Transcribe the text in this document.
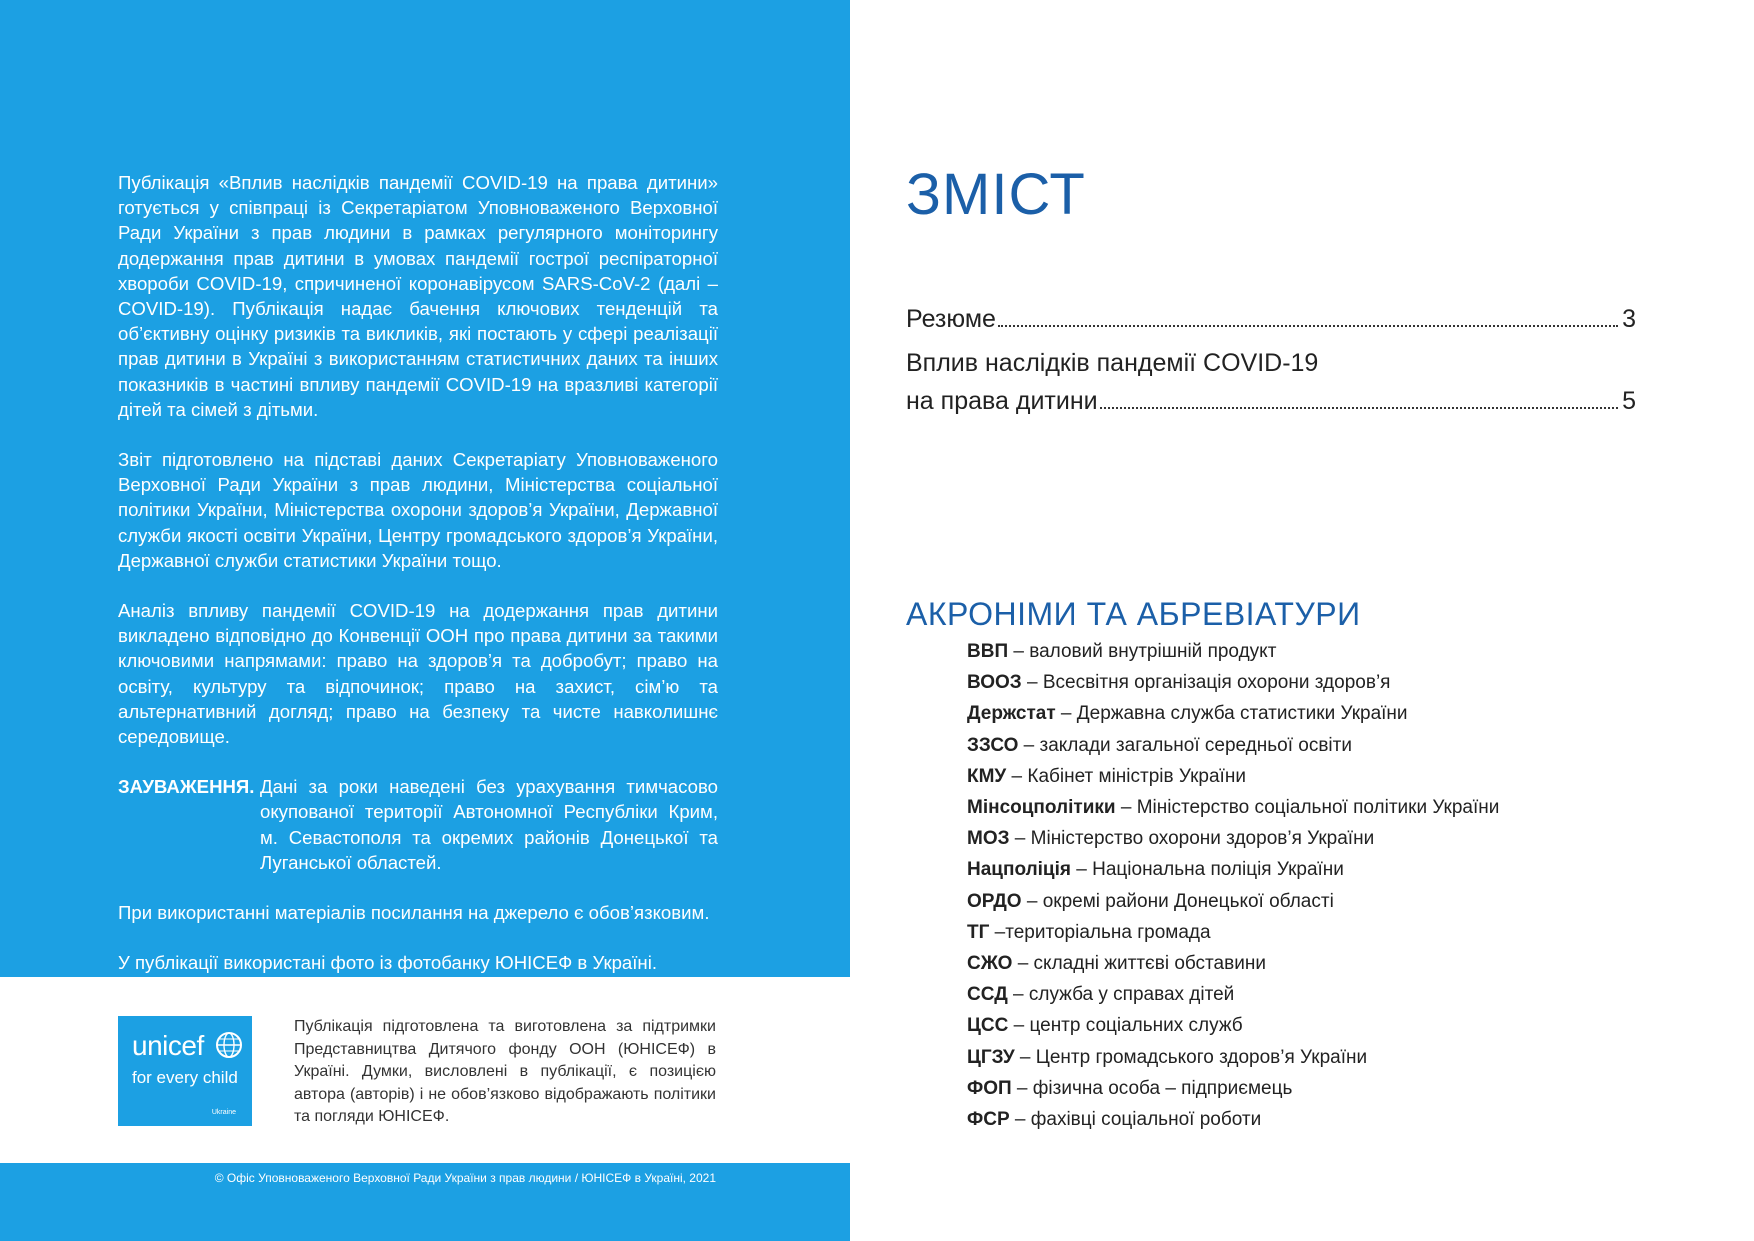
Публікація «Вплив наслідків пандемії COVID-19 на права дитини» готується у співпраці із Секретаріатом Уповноваженого Верховної Ради України з прав людини в рамках регулярного моніторингу додержання прав дитини в умовах пандемії гострої респіраторної хвороби COVID-19, спричиненої коронавірусом SARS-CoV-2 (далі – COVID-19). Публікація надає бачення ключових тенденцій та об’єктивну оцінку ризиків та викликів, які постають у сфері реалізації прав дитини в Україні з використанням статистичних даних та інших показників в частині впливу пандемії COVID-19 на вразливі категорії дітей та сімей з дітьми.

Звіт підготовлено на підставі даних Секретаріату Уповноваженого Верховної Ради України з прав людини, Міністерства соціальної політики України, Міністерства охорони здоров’я України, Державної служби якості освіти України, Центру громадського здоров’я України, Державної служби статистики України тощо.

Аналіз впливу пандемії COVID-19 на додержання прав дитини викладено відповідно до Конвенції ООН про права дитини за такими ключовими напрямами: право на здоров’я та добробут; право на освіту, культуру та відпочинок; право на захист, сім’ю та альтернативний догляд; право на безпеку та чисте навколишнє середовище.

ЗАУВАЖЕННЯ. Дані за роки наведені без урахування тимчасово окупованої території Автономної Республіки Крим, м. Севастополя та окремих районів Донецької та Луганської областей.

При використанні матеріалів посилання на джерело є обов’язковим.

У публікації використані фото із фотобанку ЮНІСЕФ в Україні.

unicef
for every child
Ukraine
Публікація підготовлена та виготовлена за підтримки Представництва Дитячого фонду ООН (ЮНІСЕФ) в Україні. Думки, висловлені в публікації, є позицією автора (авторів) і не обов’язково відображають політики та погляди ЮНІСЕФ.
© Офіс Уповноваженого Верховної Ради України з прав людини / ЮНІСЕФ в Україні, 2021
ЗМІСТ
Резюме	3
Вплив наслідків пандемії COVID-19
на права дитини	5
АКРОНІМИ ТА АБРЕВІАТУРИ
ВВП – валовий внутрішній продукт
ВООЗ – Всесвітня організація охорони здоров’я
Держстат – Державна служба статистики України
ЗЗСО – заклади загальної середньої освіти
КМУ – Кабінет міністрів України
Мінсоцполітики – Міністерство соціальної політики України
МОЗ – Міністерство охорони здоров’я України
Нацполіція – Національна поліція України
ОРДО – окремі райони Донецької області
ТГ –територіальна громада
СЖО – складні життєві обставини
ССД – служба у справах дітей
ЦСС – центр соціальних служб
ЦГЗУ – Центр громадського здоров’я України
ФОП – фізична особа – підприємець
ФСР – фахівці соціальної роботи
